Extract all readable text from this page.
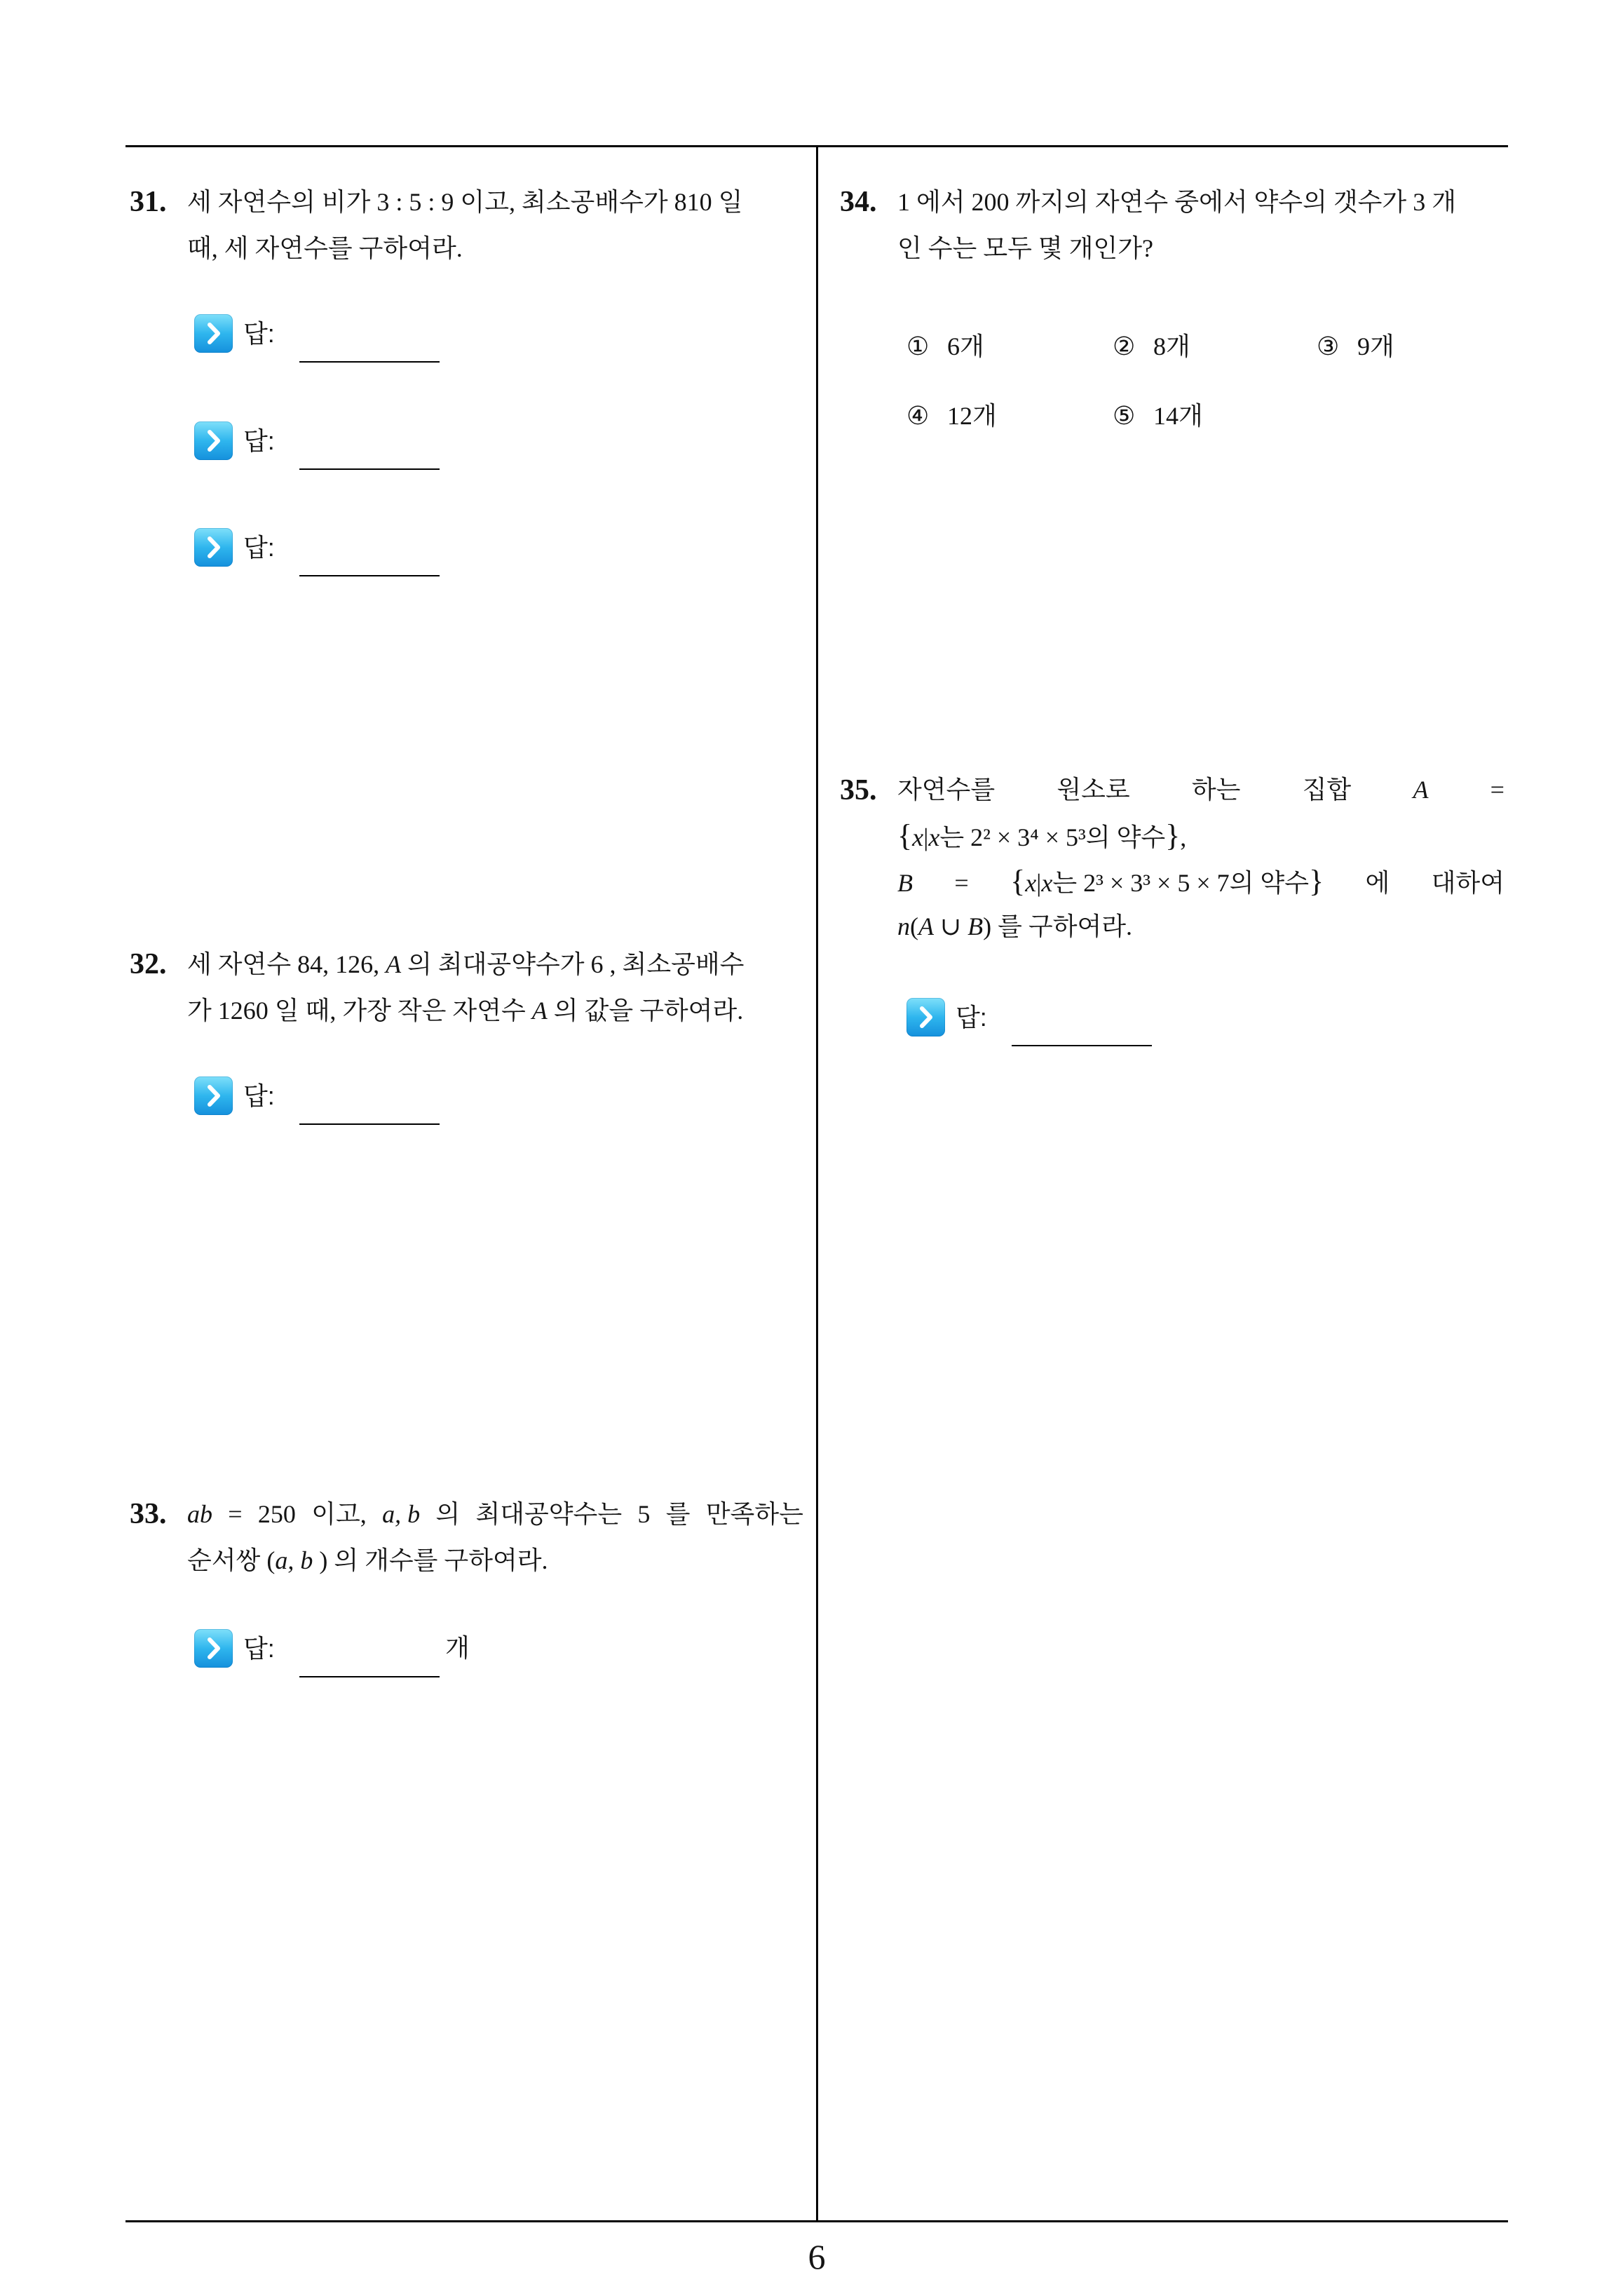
31. 세 자연수의 비가 3 : 5 : 9 이고, 최소공배수가 810 일
때, 세 자연수를 구하여라.
답:
답:
답:
32. 세 자연수 84, 126, A 의 최대공약수가 6 , 최소공배수
가 1260 일 때, 가장 작은 자연수 A 의 값을 구하여라.
답:
33. ab = 250 이고, a, b 의 최대공약수는 5 를 만족하는
순서쌍 (a, b ) 의 개수를 구하여라.
답:	개
34. 1 에서 200 까지의 자연수 중에서 약수의 갯수가 3 개
인 수는 모두 몇 개인가?
① 6개	② 8개	③ 9개
④ 12개	⑤ 14개
35. 자연수를 원소로 하는 집합 A =
{x|x는 2² × 3⁴ × 5³의 약수},
B = {x|x는 2³ × 3³ × 5 × 7의 약수} 에 대하여
n(A ∪ B) 를 구하여라.
답:
6
